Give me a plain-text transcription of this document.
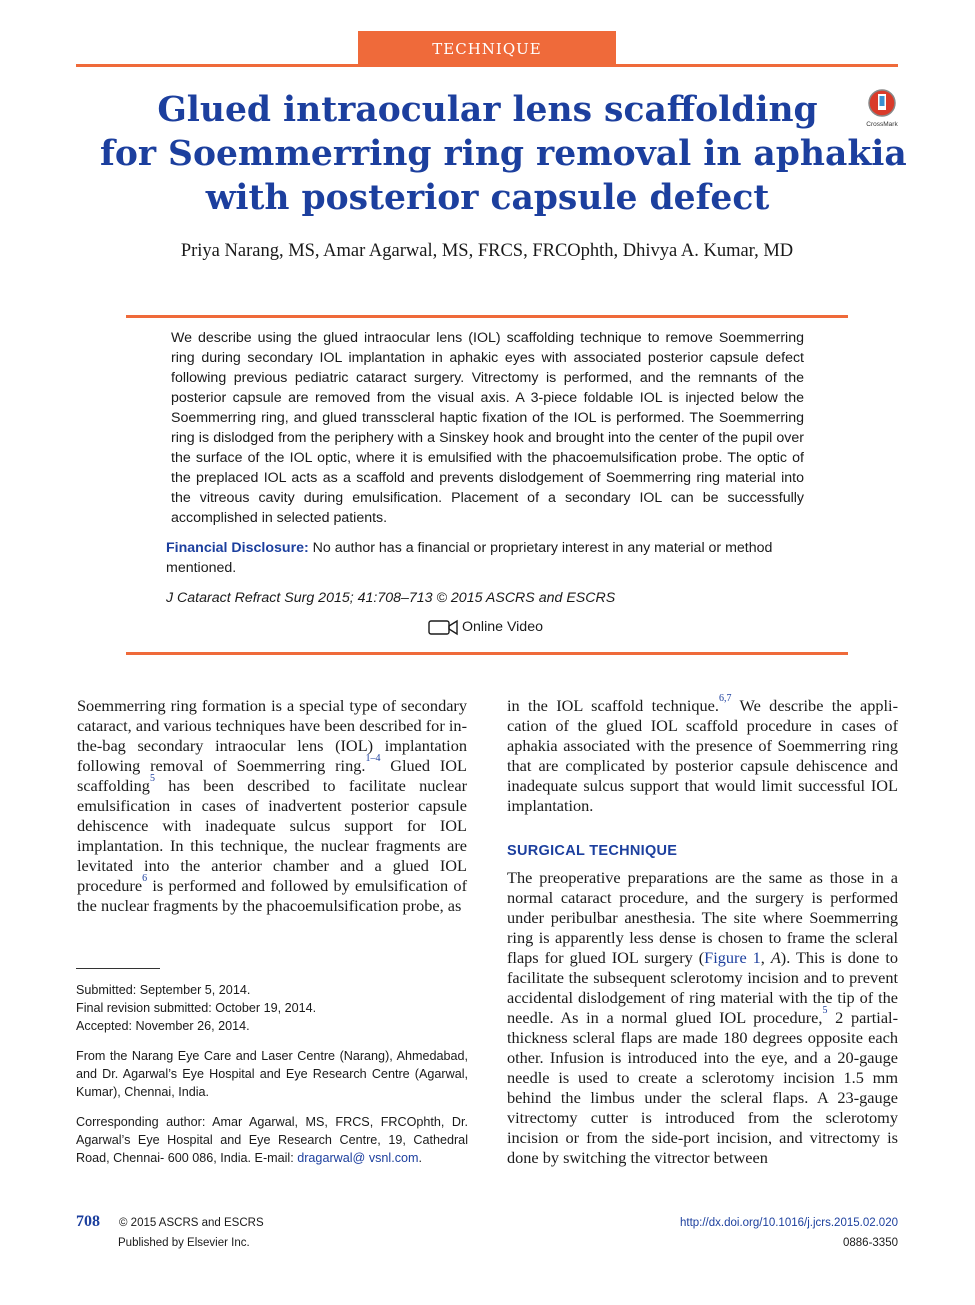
TECHNIQUE
Glued intraocular lens scaffolding
for Soemmerring ring removal in aphakia
with posterior capsule defect
CrossMark
Priya Narang, MS, Amar Agarwal, MS, FRCS, FRCOphth, Dhivya A. Kumar, MD

We describe using the glued intraocular lens (IOL) scaffolding technique to remove Soemmerring ring during secondary IOL implantation in aphakic eyes with associated posterior capsule defect following previous pediatric cataract surgery. Vitrectomy is performed, and the remnants of the posterior capsule are removed from the visual axis. A 3-piece foldable IOL is injected below the Soemmerring ring, and glued transscleral haptic fixation of the IOL is performed. The Soemmerring ring is dislodged from the periphery with a Sinskey hook and brought into the center of the pupil over the surface of the IOL optic, where it is emulsified with the phacoemulsification probe. The optic of the preplaced IOL acts as a scaffold and prevents dislodgement of Soemmerring ring material into the vitreous cavity during emulsification. Placement of a secondary IOL can be successfully accomplished in selected patients.

Financial Disclosure: No author has a financial or proprietary interest in any material or method mentioned.

J Cataract Refract Surg 2015; 41:708–713 © 2015 ASCRS and ESCRS

Online Video

Soemmerring ring formation is a special type of secondary cataract, and various techniques have been described for in-the-bag secondary intraocular lens (IOL) implantation following removal of Soemmerring ring.$^{1-4}$ Glued IOL scaffolding$^5$ has been described to facilitate nuclear emulsification in cases of inadvertent posterior capsule dehiscence with inadequate sulcus support for IOL implantation. In this technique, the nuclear fragments are levitated into the anterior chamber and a glued IOL procedure$^6$ is performed and followed by emulsification of the nuclear fragments by the phacoemulsification probe, as

in the IOL scaffold technique.$^{6,7}$ We describe the application of the glued IOL scaffold procedure in cases of aphakia associated with the presence of Soemmerring ring that are complicated by posterior capsule dehiscence and inadequate sulcus support that would limit successful IOL implantation.

SURGICAL TECHNIQUE

The preoperative preparations are the same as those in a normal cataract procedure, and the surgery is performed under peribulbar anesthesia. The site where Soemmerring ring is apparently less dense is chosen to frame the scleral flaps for glued IOL surgery (Figure 1, A). This is done to facilitate the subsequent sclerotomy incision and to prevent accidental dislodgement of ring material with the tip of the needle. As in a normal glued IOL procedure,$^5$ 2 partial-thickness scleral flaps are made 180 degrees opposite each other. Infusion is introduced into the eye, and a 20-gauge needle is used to create a sclerotomy incision 1.5 mm behind the limbus under the scleral flaps. A 23-gauge vitrectomy cutter is introduced from the sclerotomy incision or from the side-port incision, and vitrectomy is done by switching the vitrector between

Submitted: September 5, 2014.
Final revision submitted: October 19, 2014.
Accepted: November 26, 2014.

From the Narang Eye Care and Laser Centre (Narang), Ahmedabad, and Dr. Agarwal’s Eye Hospital and Eye Research Centre (Agarwal, Kumar), Chennai, India.

Corresponding author: Amar Agarwal, MS, FRCS, FRCOphth, Dr. Agarwal’s Eye Hospital and Eye Research Centre, 19, Cathedral Road, Chennai- 600 086, India. E-mail: dragarwal@ vsnl.com.

708 © 2015 ASCRS and ESCRS
Published by Elsevier Inc.
http://dx.doi.org/10.1016/j.jcrs.2015.02.020
0886-3350
